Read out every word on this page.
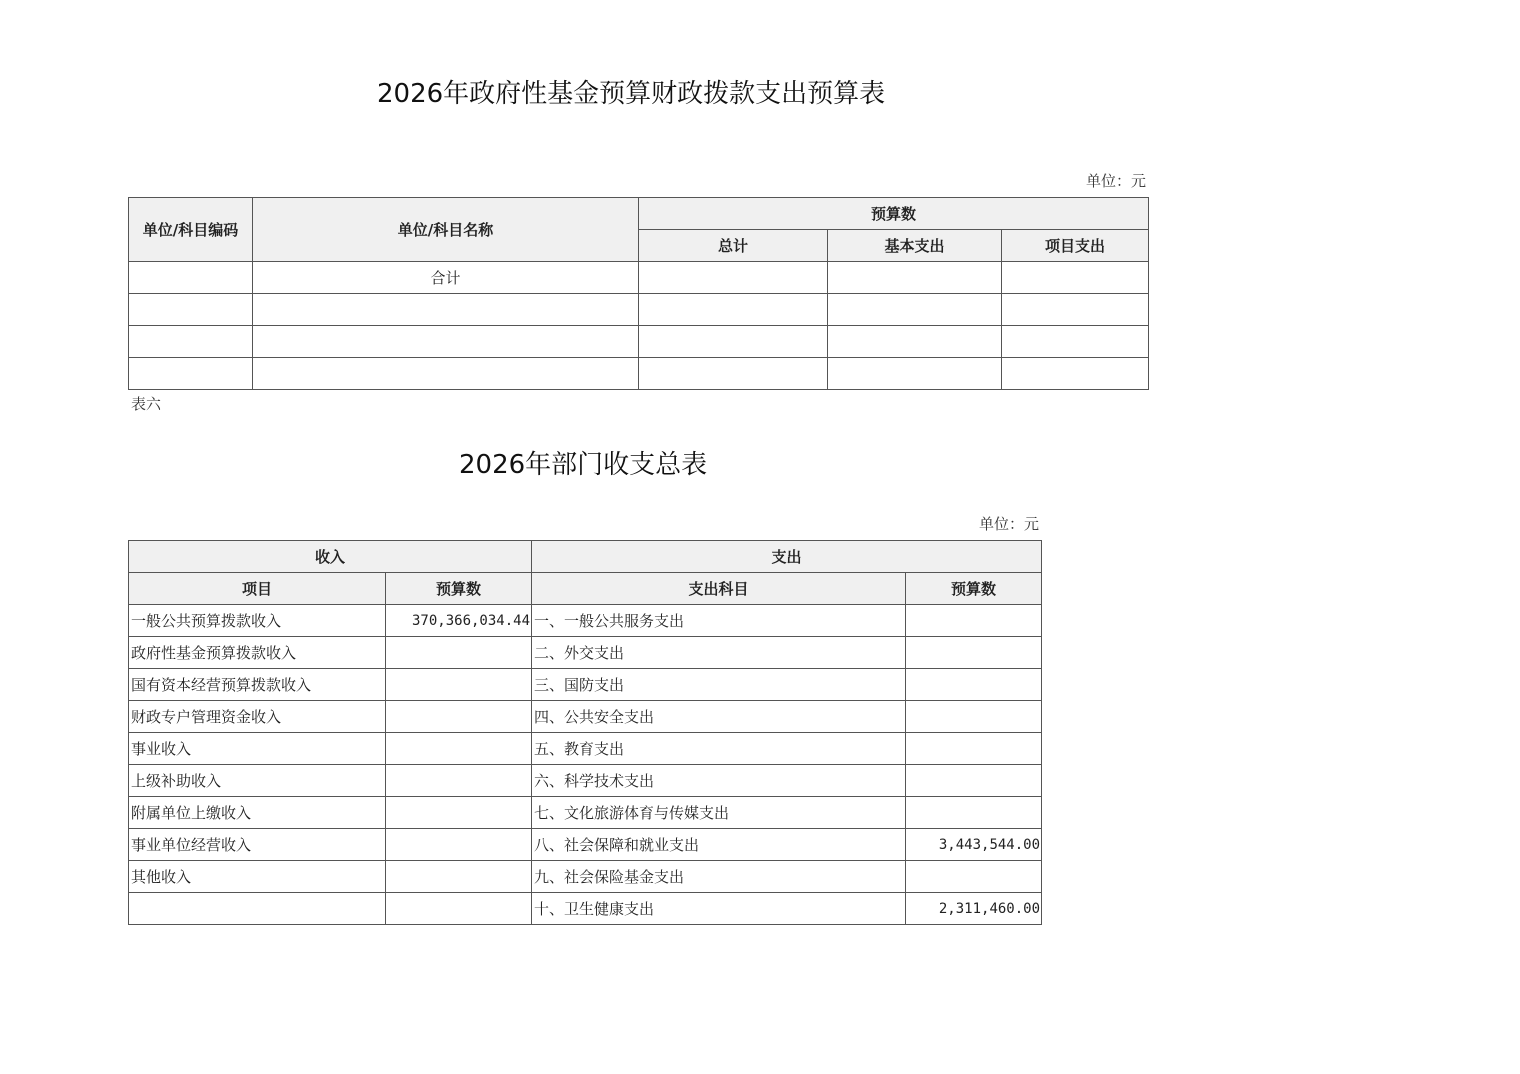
2026年政府性基金预算财政拨款支出预算表
单位：元
单位/科目编码	单位/科目名称	预算数		
		总计	基本支出	项目支出
	合计			

表六
2026年部门收支总表
单位：元
收入		支出	
项目	预算数	支出科目	预算数
一般公共预算拨款收入	370,366,034.44	一、一般公共服务支出	
政府性基金预算拨款收入		二、外交支出	
国有资本经营预算拨款收入		三、国防支出	
财政专户管理资金收入		四、公共安全支出	
事业收入		五、教育支出	
上级补助收入		六、科学技术支出	
附属单位上缴收入		七、文化旅游体育与传媒支出	
事业单位经营收入		八、社会保障和就业支出	3,443,544.00
其他收入		九、社会保险基金支出	
		十、卫生健康支出	2,311,460.00
